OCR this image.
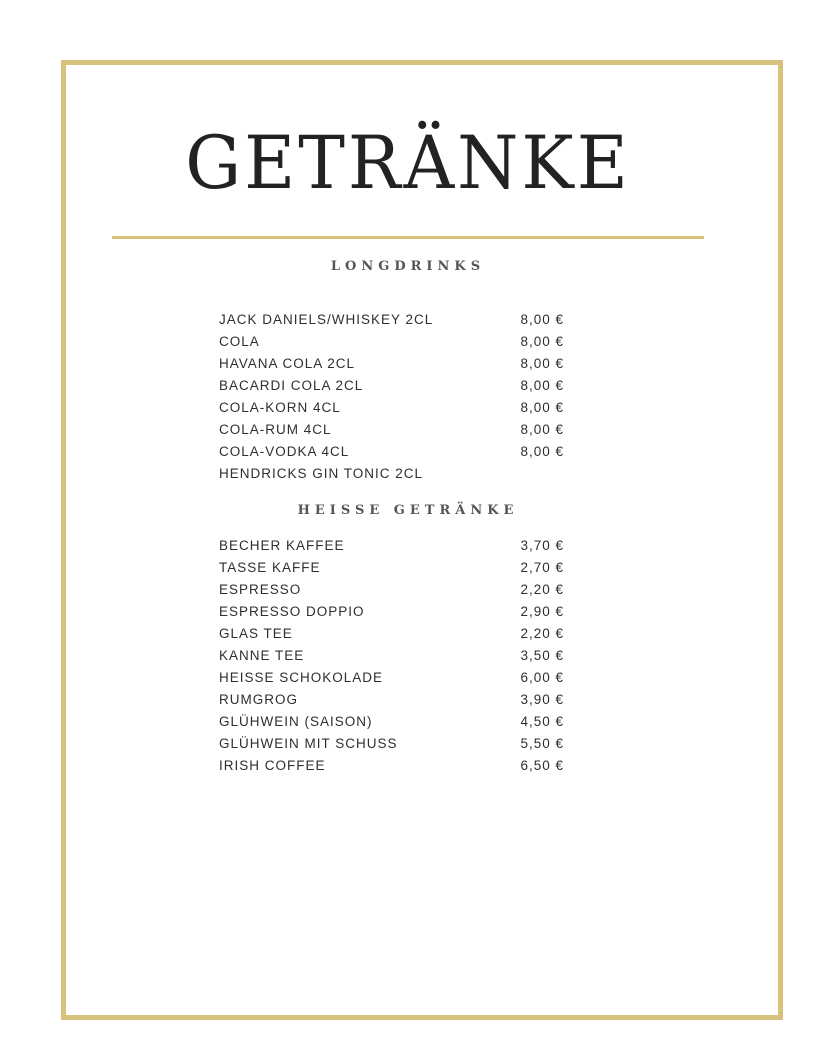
GETRÄNKE
LONGDRINKS
JACK DANIELS/WHISKEY 2CL	8,00 €
COLA	8,00 €
HAVANA COLA 2CL	8,00 €
BACARDI COLA 2CL	8,00 €
COLA-KORN 4CL	8,00 €
COLA-RUM 4CL	8,00 €
COLA-VODKA 4CL	8,00 €
HENDRICKS GIN TONIC 2CL
HEISSE GETRÄNKE
BECHER KAFFEE	3,70 €
TASSE KAFFE	2,70 €
ESPRESSO	2,20 €
ESPRESSO DOPPIO	2,90 €
GLAS TEE	2,20 €
KANNE TEE	3,50 €
HEISSE SCHOKOLADE	6,00 €
RUMGROG	3,90 €
GLÜHWEIN (SAISON)	4,50 €
GLÜHWEIN MIT SCHUSS	5,50 €
IRISH COFFEE	6,50 €
